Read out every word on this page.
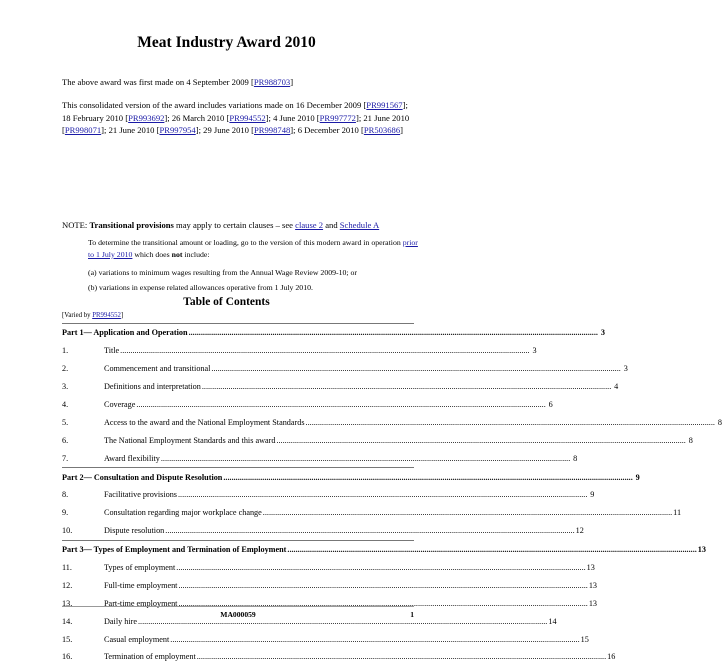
Meat Industry Award 2010
The above award was first made on 4 September 2009 [PR988703]
This consolidated version of the award includes variations made on 16 December 2009 [PR991567]; 18 February 2010 [PR993692]; 26 March 2010 [PR994552]; 4 June 2010 [PR997772]; 21 June 2010 [PR998071]; 21 June 2010 [PR997954]; 29 June 2010 [PR998748]; 6 December 2010 [PR503686]
NOTE: Transitional provisions may apply to certain clauses – see clause 2 and Schedule A
To determine the transitional amount or loading, go to the version of this modern award in operation prior to 1 July 2010 which does not include:
(a) variations to minimum wages resulting from the Annual Wage Review 2009-10; or
(b) variations in expense related allowances operative from 1 July 2010.
Table of Contents
[Varied by PR994552]
Part 1— Application and Operation ........................................................................................................................................................................................................ 3
1.	Title ........................................................................................................................................................................................................ 3
2.	Commencement and transitional ........................................................................................................................................................................................................ 3
3.	Definitions and interpretation ........................................................................................................................................................................................................ 4
4.	Coverage ........................................................................................................................................................................................................ 6
5.	Access to the award and the National Employment Standards ........................................................................................................................................................................................................ 8
6.	The National Employment Standards and this award ........................................................................................................................................................................................................ 8
7.	Award flexibility ........................................................................................................................................................................................................ 8
Part 2— Consultation and Dispute Resolution ........................................................................................................................................................................................................ 9
8.	Facilitative provisions ........................................................................................................................................................................................................ 9
9.	Consultation regarding major workplace change ........................................................................................................................................................................................................ 11
10.	Dispute resolution ........................................................................................................................................................................................................ 12
Part 3— Types of Employment and Termination of Employment ........................................................................................................................................................................................................ 13
11.	Types of employment ........................................................................................................................................................................................................ 13
12.	Full-time employment ........................................................................................................................................................................................................ 13
13.	Part-time employment ........................................................................................................................................................................................................ 13
14.	Daily hire ........................................................................................................................................................................................................ 14
15.	Casual employment ........................................................................................................................................................................................................ 15
16.	Termination of employment ........................................................................................................................................................................................................ 16
MA000059	1
